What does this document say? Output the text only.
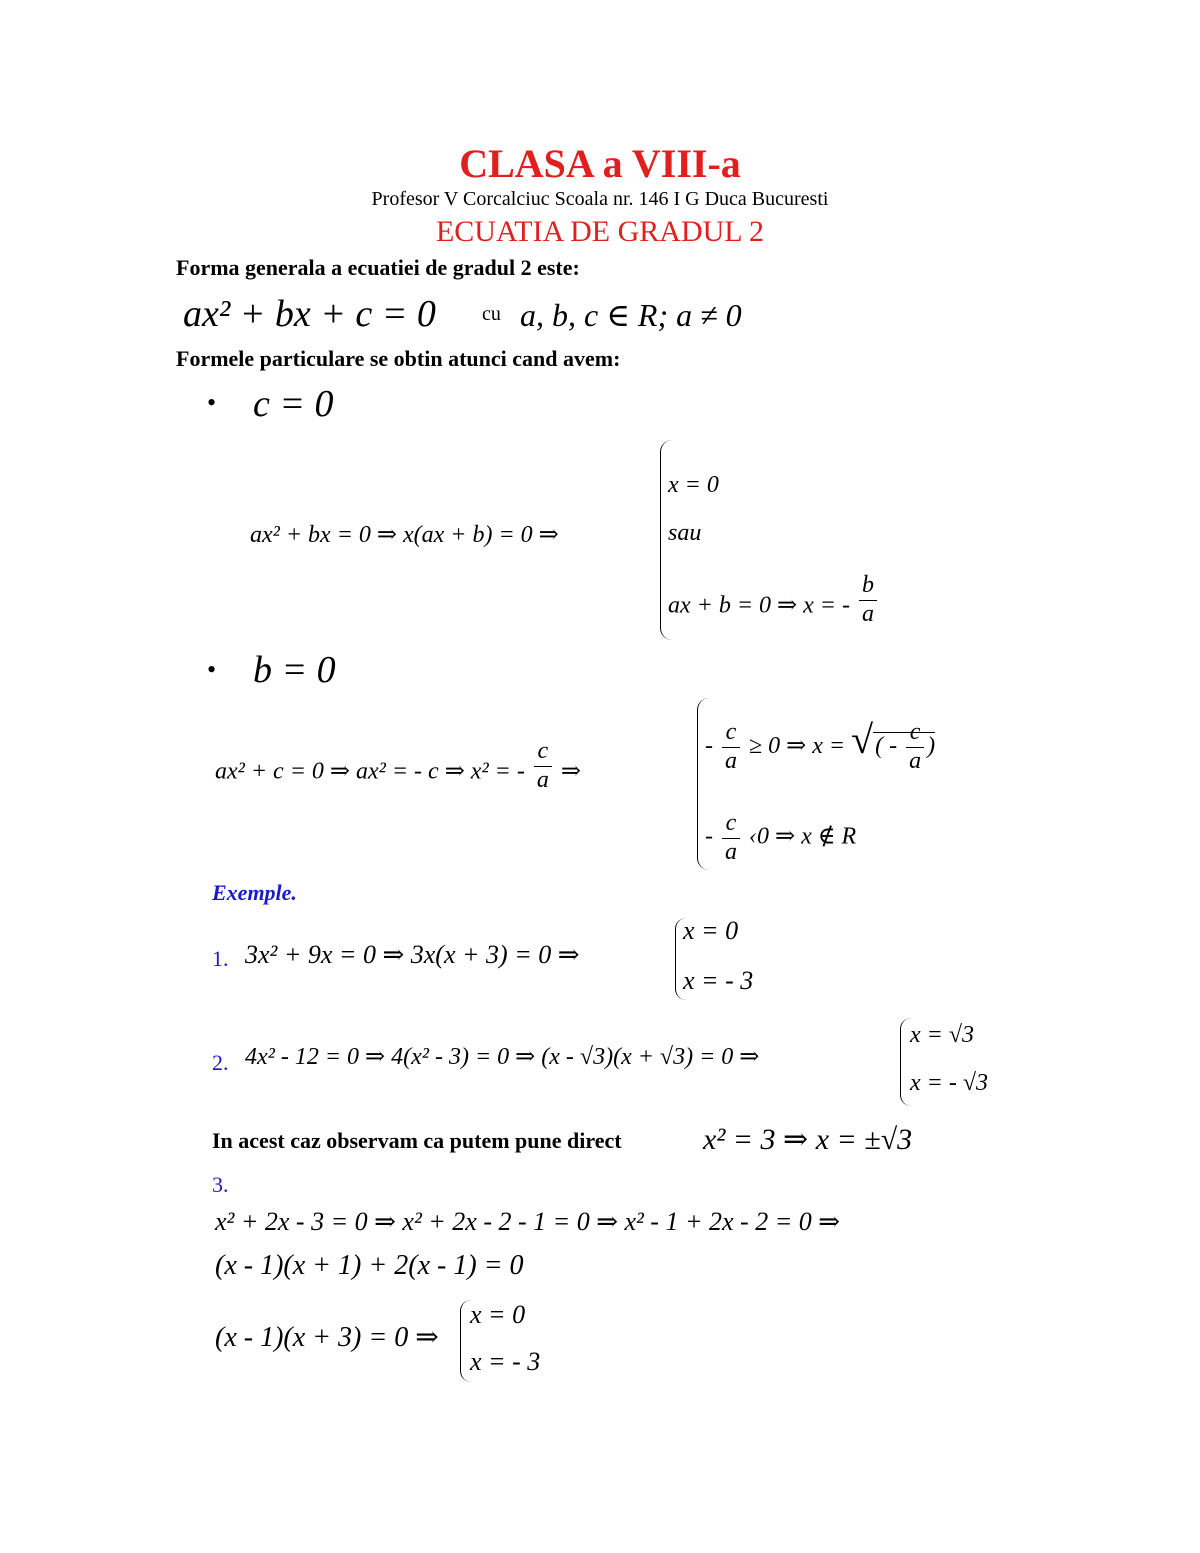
CLASA a VIII-a
Profesor V Corcalciuc Scoala nr. 146 I G Duca Bucuresti
ECUATIA DE GRADUL 2
Forma generala a ecuatiei de gradul 2 este:
ax² + bx + c = 0 cu a, b, c ∈ R; a ≠ 0
Formele particulare se obtin atunci cand avem:
• c = 0
ax² + bx = 0 ⇒ x(ax + b) = 0 ⇒
x = 0
sau
ax + b = 0 ⇒ x = - $\frac{b}{a}$
• b = 0
ax² + c = 0 ⇒ ax² = - c ⇒ x² = - $\frac{c}{a}$ ⇒
- $\frac{c}{a} \ge 0$ ⇒ x = √( - $\frac{c}{a}$ )
- $\frac{c}{a}$ ‹0 ⇒ x ∉ R
Exemple.
1. 3x² + 9x = 0 ⇒ 3x(x + 3) = 0 ⇒
x = 0
x = - 3
2. 4x² - 12 = 0 ⇒ 4(x² - 3) = 0 ⇒ (x - √3)(x + √3) = 0 ⇒
x = √3
x = - √3
In acest caz observam ca putem pune direct	x² = 3 ⇒ x = ±√3
3.
x² + 2x - 3 = 0 ⇒ x² + 2x - 2 - 1 = 0 ⇒ x² - 1 + 2x - 2 = 0 ⇒
(x - 1)(x + 1) + 2(x - 1) = 0
(x - 1)(x + 3) = 0 ⇒
x = 0
x = - 3
